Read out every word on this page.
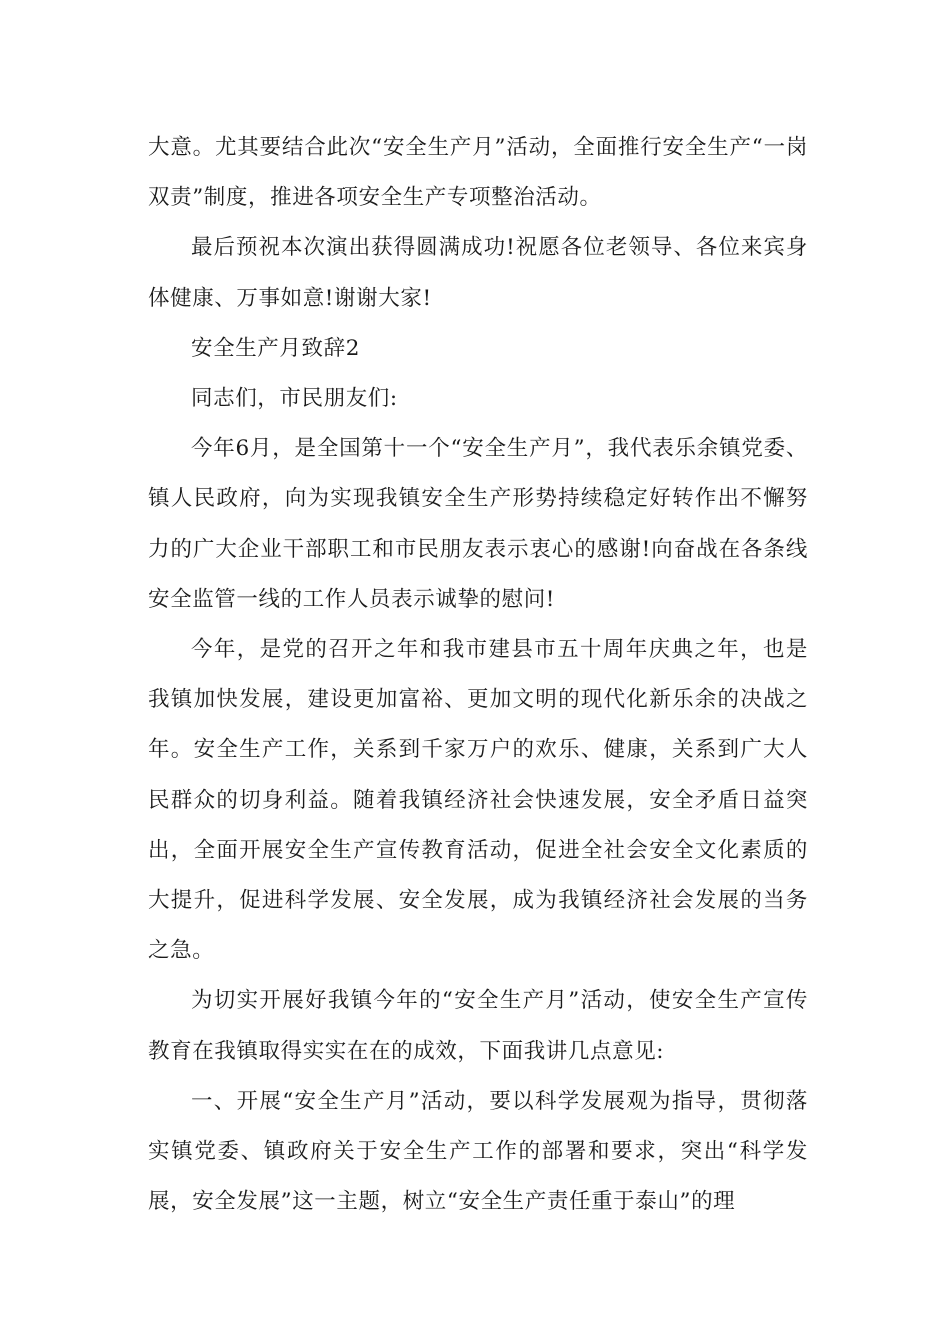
大意。尤其要结合此次“安全生产月”活动，全面推行安全生产“一岗双责”制度，推进各项安全生产专项整治活动。

最后预祝本次演出获得圆满成功!祝愿各位老领导、各位来宾身体健康、万事如意!谢谢大家!

安全生产月致辞2

同志们，市民朋友们:

今年6月，是全国第十一个“安全生产月”，我代表乐余镇党委、镇人民政府，向为实现我镇安全生产形势持续稳定好转作出不懈努力的广大企业干部职工和市民朋友表示衷心的感谢!向奋战在各条线安全监管一线的工作人员表示诚挚的慰问!

今年，是党的召开之年和我市建县市五十周年庆典之年，也是我镇加快发展，建设更加富裕、更加文明的现代化新乐余的决战之年。安全生产工作，关系到千家万户的欢乐、健康，关系到广大人民群众的切身利益。随着我镇经济社会快速发展，安全矛盾日益突出，全面开展安全生产宣传教育活动，促进全社会安全文化素质的大提升，促进科学发展、安全发展，成为我镇经济社会发展的当务之急。

为切实开展好我镇今年的“安全生产月”活动，使安全生产宣传教育在我镇取得实实在在的成效，下面我讲几点意见:

一、开展“安全生产月”活动，要以科学发展观为指导，贯彻落实镇党委、镇政府关于安全生产工作的部署和要求，突出“科学发展，安全发展”这一主题，树立“安全生产责任重于泰山”的理
